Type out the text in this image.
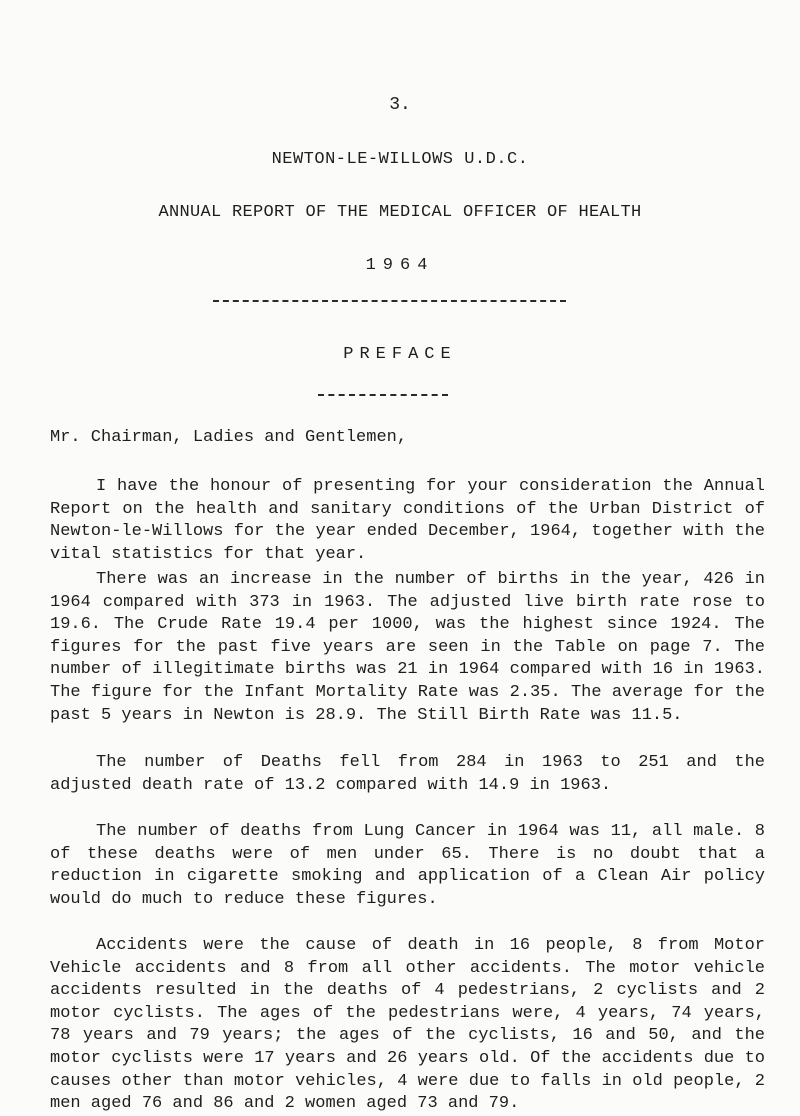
3.
NEWTON-LE-WILLOWS U.D.C.
ANNUAL REPORT OF THE MEDICAL OFFICER OF HEALTH
1964
PREFACE

Mr. Chairman, Ladies and Gentlemen,

I have the honour of presenting for your consideration the Annual Report on the health and sanitary conditions of the Urban District of Newton-le-Willows for the year ended December, 1964, together with the vital statistics for that year.

There was an increase in the number of births in the year, 426 in 1964 compared with 373 in 1963. The adjusted live birth rate rose to 19.6. The Crude Rate 19.4 per 1000, was the highest since 1924. The figures for the past five years are seen in the Table on page 7. The number of illegitimate births was 21 in 1964 compared with 16 in 1963. The figure for the Infant Mortality Rate was 2.35. The average for the past 5 years in Newton is 28.9. The Still Birth Rate was 11.5.

The number of Deaths fell from 284 in 1963 to 251 and the adjusted death rate of 13.2 compared with 14.9 in 1963.

The number of deaths from Lung Cancer in 1964 was 11, all male. 8 of these deaths were of men under 65. There is no doubt that a reduction in cigarette smoking and application of a Clean Air policy would do much to reduce these figures.

Accidents were the cause of death in 16 people, 8 from Motor Vehicle accidents and 8 from all other accidents. The motor vehicle accidents resulted in the deaths of 4 pedestrians, 2 cyclists and 2 motor cyclists. The ages of the pedestrians were, 4 years, 74 years, 78 years and 79 years; the ages of the cyclists, 16 and 50, and the motor cyclists were 17 years and 26 years old. Of the accidents due to causes other than motor vehicles, 4 were due to falls in old people, 2 men aged 76 and 86 and 2 women aged 73 and 79.
